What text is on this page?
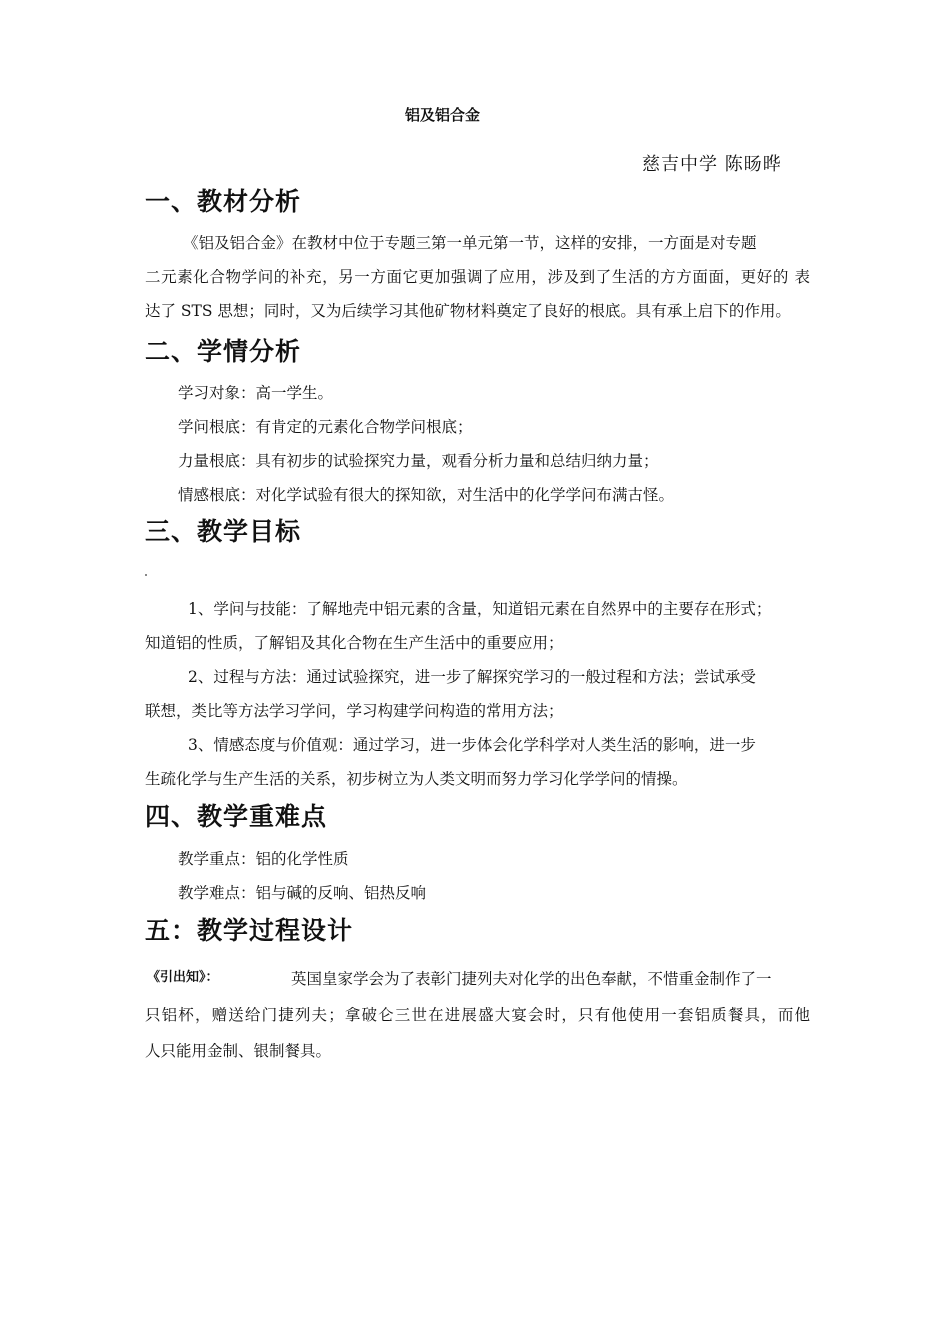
铝及铝合金
慈吉中学 陈旸晔
一、教材分析
《铝及铝合金》在教材中位于专题三第一单元第一节，这样的安排，一方面是对专题
二元素化合物学问的补充，另一方面它更加强调了应用，涉及到了生活的方方面面，更好的 表
达了 STS 思想；同时，又为后续学习其他矿物材料奠定了良好的根底。具有承上启下的作用。
二、学情分析
学习对象：高一学生。
学问根底：有肯定的元素化合物学问根底；
力量根底：具有初步的试验探究力量，观看分析力量和总结归纳力量；
情感根底：对化学试验有很大的探知欲，对生活中的化学学问布满古怪。
三、教学目标
1、学问与技能：了解地壳中铝元素的含量，知道铝元素在自然界中的主要存在形式；
知道铝的性质，了解铝及其化合物在生产生活中的重要应用；
2、过程与方法：通过试验探究，进一步了解探究学习的一般过程和方法；尝试承受
联想，类比等方法学习学问，学习构建学问构造的常用方法；
3、情感态度与价值观：通过学习，进一步体会化学科学对人类生活的影响，进一步
生疏化学与生产生活的关系，初步树立为人类文明而努力学习化学学问的情操。
四、教学重难点
教学重点：铝的化学性质
教学难点：铝与碱的反响、铝热反响
五：教学过程设计
《引出知》：	英国皇家学会为了表彰门捷列夫对化学的出色奉献，不惜重金制作了一
只铝杯，赠送给门捷列夫；拿破仑三世在进展盛大宴会时，只有他使用一套铝质餐具，而他
人只能用金制、银制餐具。
